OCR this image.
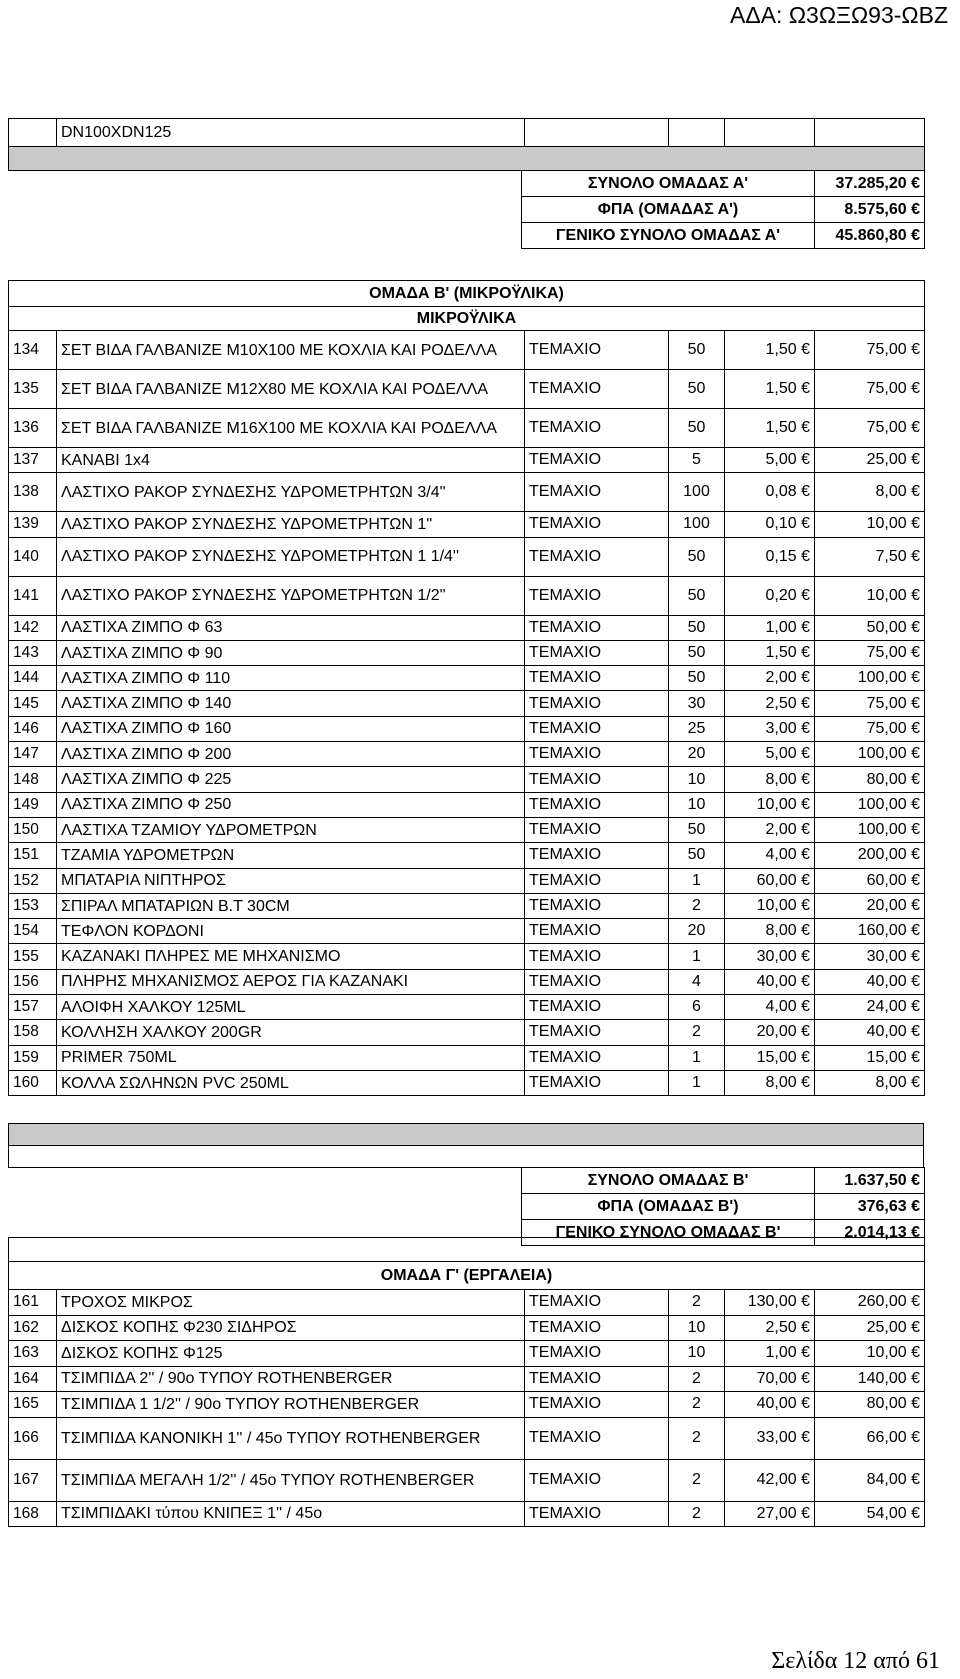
ΑΔΑ: Ω3ΩΞΩ93-ΩΒΖ
	DN100XDN125				

ΣΥΝΟΛΟ ΟΜΑΔΑΣ Α'	37.285,20 €
ΦΠΑ (ΟΜΑΔΑΣ Α')	8.575,60 €
ΓΕΝΙΚΟ ΣΥΝΟΛΟ ΟΜΑΔΑΣ Α'	45.860,80 €
ΟΜΑΔΑ Β' (ΜΙΚΡΟΫΛΙΚΑ)					
ΜΙΚΡΟΫΛΙΚΑ					
134	ΣΕΤ ΒΙΔΑ ΓΑΛΒΑΝΙΖΕ Μ10Χ100 ΜΕ ΚΟΧΛΙΑ ΚΑΙ ΡΟΔΕΛΛΑ	ΤΕΜΑΧΙΟ	50	1,50 €	75,00 €
135	ΣΕΤ ΒΙΔΑ ΓΑΛΒΑΝΙΖΕ Μ12Χ80 ΜΕ ΚΟΧΛΙΑ ΚΑΙ ΡΟΔΕΛΛΑ	ΤΕΜΑΧΙΟ	50	1,50 €	75,00 €
136	ΣΕΤ ΒΙΔΑ ΓΑΛΒΑΝΙΖΕ Μ16Χ100 ΜΕ ΚΟΧΛΙΑ ΚΑΙ ΡΟΔΕΛΛΑ	ΤΕΜΑΧΙΟ	50	1,50 €	75,00 €
137	ΚΑΝΑΒΙ 1x4	ΤΕΜΑΧΙΟ	5	5,00 €	25,00 €
138	ΛΑΣΤΙΧΟ ΡΑΚΟΡ ΣΥΝΔΕΣΗΣ ΥΔΡΟΜΕΤΡΗΤΩΝ 3/4''	ΤΕΜΑΧΙΟ	100	0,08 €	8,00 €
139	ΛΑΣΤΙΧΟ ΡΑΚΟΡ ΣΥΝΔΕΣΗΣ ΥΔΡΟΜΕΤΡΗΤΩΝ 1''	ΤΕΜΑΧΙΟ	100	0,10 €	10,00 €
140	ΛΑΣΤΙΧΟ ΡΑΚΟΡ ΣΥΝΔΕΣΗΣ ΥΔΡΟΜΕΤΡΗΤΩΝ 1 1/4''	ΤΕΜΑΧΙΟ	50	0,15 €	7,50 €
141	ΛΑΣΤΙΧΟ ΡΑΚΟΡ ΣΥΝΔΕΣΗΣ ΥΔΡΟΜΕΤΡΗΤΩΝ 1/2''	ΤΕΜΑΧΙΟ	50	0,20 €	10,00 €
142	ΛΑΣΤΙΧΑ ΖΙΜΠΟ Φ 63	ΤΕΜΑΧΙΟ	50	1,00 €	50,00 €
143	ΛΑΣΤΙΧΑ ΖΙΜΠΟ Φ 90	ΤΕΜΑΧΙΟ	50	1,50 €	75,00 €
144	ΛΑΣΤΙΧΑ ΖΙΜΠΟ Φ 110	ΤΕΜΑΧΙΟ	50	2,00 €	100,00 €
145	ΛΑΣΤΙΧΑ ΖΙΜΠΟ Φ 140	ΤΕΜΑΧΙΟ	30	2,50 €	75,00 €
146	ΛΑΣΤΙΧΑ ΖΙΜΠΟ Φ 160	ΤΕΜΑΧΙΟ	25	3,00 €	75,00 €
147	ΛΑΣΤΙΧΑ ΖΙΜΠΟ Φ 200	ΤΕΜΑΧΙΟ	20	5,00 €	100,00 €
148	ΛΑΣΤΙΧΑ ΖΙΜΠΟ Φ 225	ΤΕΜΑΧΙΟ	10	8,00 €	80,00 €
149	ΛΑΣΤΙΧΑ ΖΙΜΠΟ Φ 250	ΤΕΜΑΧΙΟ	10	10,00 €	100,00 €
150	ΛΑΣΤΙΧΑ ΤΖΑΜΙΟΥ ΥΔΡΟΜΕΤΡΩΝ	ΤΕΜΑΧΙΟ	50	2,00 €	100,00 €
151	ΤΖΑΜΙΑ ΥΔΡΟΜΕΤΡΩΝ	ΤΕΜΑΧΙΟ	50	4,00 €	200,00 €
152	ΜΠΑΤΑΡΙΑ ΝΙΠΤΗΡΟΣ	ΤΕΜΑΧΙΟ	1	60,00 €	60,00 €
153	ΣΠΙΡΑΛ ΜΠΑΤΑΡΙΩΝ Β.Τ 30CM	ΤΕΜΑΧΙΟ	2	10,00 €	20,00 €
154	ΤΕΦΛΟΝ ΚΟΡΔΟΝΙ	ΤΕΜΑΧΙΟ	20	8,00 €	160,00 €
155	ΚΑΖΑΝΑΚΙ ΠΛΗΡΕΣ ΜΕ ΜΗΧΑΝΙΣΜΟ	ΤΕΜΑΧΙΟ	1	30,00 €	30,00 €
156	ΠΛΗΡΗΣ ΜΗΧΑΝΙΣΜΟΣ ΑΕΡΟΣ ΓΙΑ ΚΑΖΑΝΑΚΙ	ΤΕΜΑΧΙΟ	4	40,00 €	40,00 €
157	ΑΛΟΙΦΗ ΧΑΛΚΟΥ 125ML	ΤΕΜΑΧΙΟ	6	4,00 €	24,00 €
158	ΚΟΛΛΗΣΗ ΧΑΛΚΟΥ 200GR	ΤΕΜΑΧΙΟ	2	20,00 €	40,00 €
159	PRIMER 750ML	ΤΕΜΑΧΙΟ	1	15,00 €	15,00 €
160	ΚΟΛΛΑ ΣΩΛΗΝΩΝ PVC 250ML	ΤΕΜΑΧΙΟ	1	8,00 €	8,00 €

ΣΥΝΟΛΟ ΟΜΑΔΑΣ Β'	1.637,50 €
ΦΠΑ (ΟΜΑΔΑΣ Β')	376,63 €
ΓΕΝΙΚΟ ΣΥΝΟΛΟ ΟΜΑΔΑΣ Β'	2.014,13 €

ΟΜΑΔΑ Γ' (ΕΡΓΑΛΕΙΑ)					
161	ΤΡΟΧΟΣ ΜΙΚΡΟΣ	ΤΕΜΑΧΙΟ	2	130,00 €	260,00 €
162	ΔΙΣΚΟΣ ΚΟΠΗΣ Φ230 ΣΙΔΗΡΟΣ	ΤΕΜΑΧΙΟ	10	2,50 €	25,00 €
163	ΔΙΣΚΟΣ ΚΟΠΗΣ Φ125	ΤΕΜΑΧΙΟ	10	1,00 €	10,00 €
164	ΤΣΙΜΠΙΔΑ 2'' / 90ο ΤΥΠΟΥ ROTHENBERGER	ΤΕΜΑΧΙΟ	2	70,00 €	140,00 €
165	ΤΣΙΜΠΙΔΑ 1 1/2'' / 90ο ΤΥΠΟΥ ROTHENBERGER	ΤΕΜΑΧΙΟ	2	40,00 €	80,00 €
166	ΤΣΙΜΠΙΔΑ ΚΑΝΟΝΙΚΗ 1'' / 45ο ΤΥΠΟΥ ROTHENBERGER	ΤΕΜΑΧΙΟ	2	33,00 €	66,00 €
167	ΤΣΙΜΠΙΔΑ ΜΕΓΑΛΗ 1/2'' / 45ο ΤΥΠΟΥ ROTHENBERGER	ΤΕΜΑΧΙΟ	2	42,00 €	84,00 €
168	ΤΣΙΜΠΙΔΑΚΙ τύπου ΚΝΙΠΕΞ 1'' / 45ο	ΤΕΜΑΧΙΟ	2	27,00 €	54,00 €
Σελίδα 12 από 61
